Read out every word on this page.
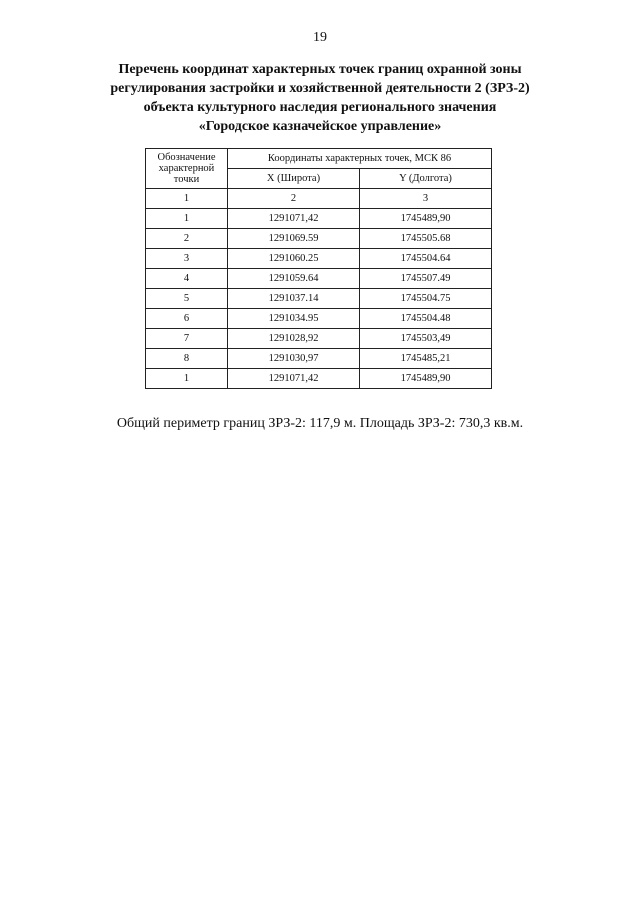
19
Перечень координат характерных точек границ охранной зоны
регулирования застройки и хозяйственной деятельности 2 (ЗРЗ-2)
объекта культурного наследия регионального значения
«Городское казначейское управление»
Обозначение характерной точки	Координаты характерных точек, МСК 86	
	X (Широта)	Y (Долгота)
1	2	3
1	1291071,42	1745489,90
2	1291069.59	1745505.68
3	1291060.25	1745504.64
4	1291059.64	1745507.49
5	1291037.14	1745504.75
6	1291034.95	1745504.48
7	1291028,92	1745503,49
8	1291030,97	1745485,21
1	1291071,42	1745489,90
Общий периметр границ ЗРЗ-2: 117,9 м. Площадь ЗРЗ-2: 730,3 кв.м.
